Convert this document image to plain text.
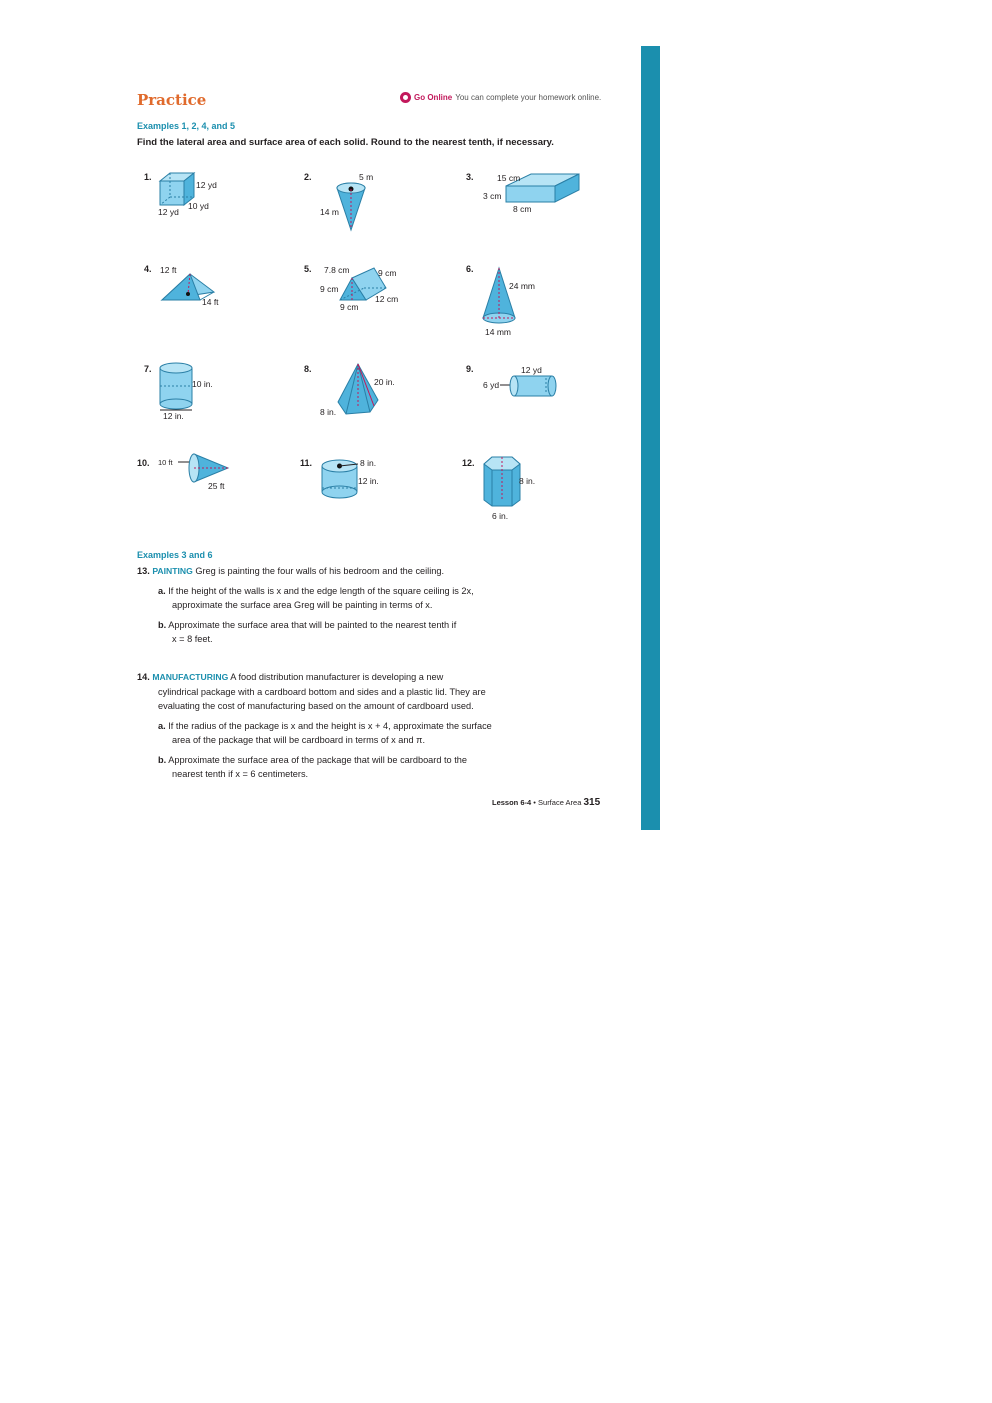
Practice	Go Online You can complete your homework online.
Examples 1, 2, 4, and 5
Find the lateral area and surface area of each solid. Round to the nearest tenth, if necessary.
1.
12 yd
10 yd
12 yd
2.	5 m
14 m
3.	15 cm
3 cm
8 cm
4. 12 ft
14 ft
5. 7.8 cm	9 cm
9 cm
12 cm
9 cm
6.
24 mm
14 mm
7.
10 in.
12 in.
8.
20 in.
8 in.
9.	12 yd
6 yd
10. 10 ft
25 ft
11.	8 in.
12 in.
12.
8 in.
6 in.
Examples 3 and 6
13. PAINTING Greg is painting the four walls of his bedroom and the ceiling.
a. If the height of the walls is x and the edge length of the square ceiling is 2x,
approximate the surface area Greg will be painting in terms of x.
b. Approximate the surface area that will be painted to the nearest tenth if
x = 8 feet.
14. MANUFACTURING A food distribution manufacturer is developing a new
cylindrical package with a cardboard bottom and sides and a plastic lid. They are
evaluating the cost of manufacturing based on the amount of cardboard used.
a. If the radius of the package is x and the height is x + 4, approximate the surface
area of the package that will be cardboard in terms of x and π.
b. Approximate the surface area of the package that will be cardboard to the
nearest tenth if x = 6 centimeters.
Lesson 6-4 • Surface Area 315
